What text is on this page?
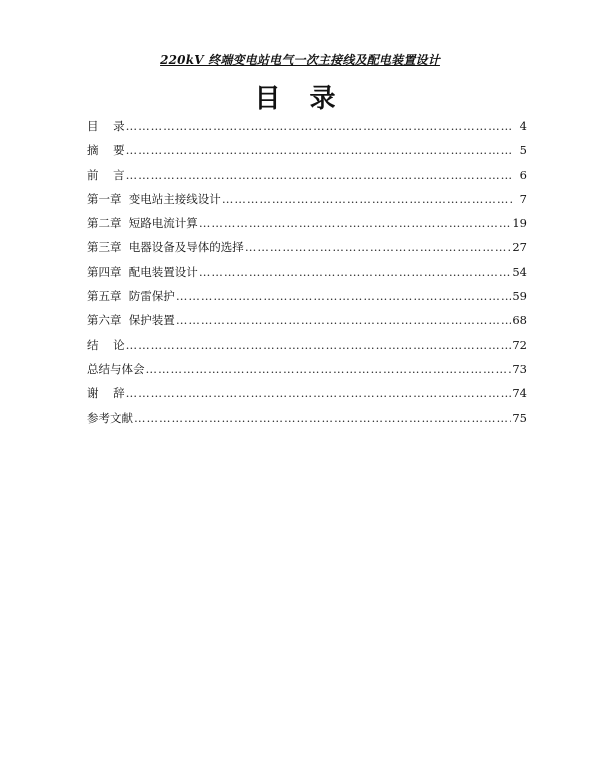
220kV 终端变电站电气一次主接线及配电装置设计
目 录
目    录 …………………………………………………………………………………………………………………………………………………………	4
摘    要 …………………………………………………………………………………………………………………………………………………………	5
前    言 …………………………………………………………………………………………………………………………………………………………	6
第一章  变电站主接线设计 …………………………………………………………………………………………………………………………………………………………	7
第二章  短路电流计算 …………………………………………………………………………………………………………………………………………………………	19
第三章  电器设备及导体的选择 …………………………………………………………………………………………………………………………………………………………	27
第四章  配电装置设计 …………………………………………………………………………………………………………………………………………………………	54
第五章  防雷保护 …………………………………………………………………………………………………………………………………………………………	59
第六章  保护装置 …………………………………………………………………………………………………………………………………………………………	68
结    论 …………………………………………………………………………………………………………………………………………………………	72
总结与体会 …………………………………………………………………………………………………………………………………………………………	73
谢    辞 …………………………………………………………………………………………………………………………………………………………	74
参考文献 …………………………………………………………………………………………………………………………………………………………	75
